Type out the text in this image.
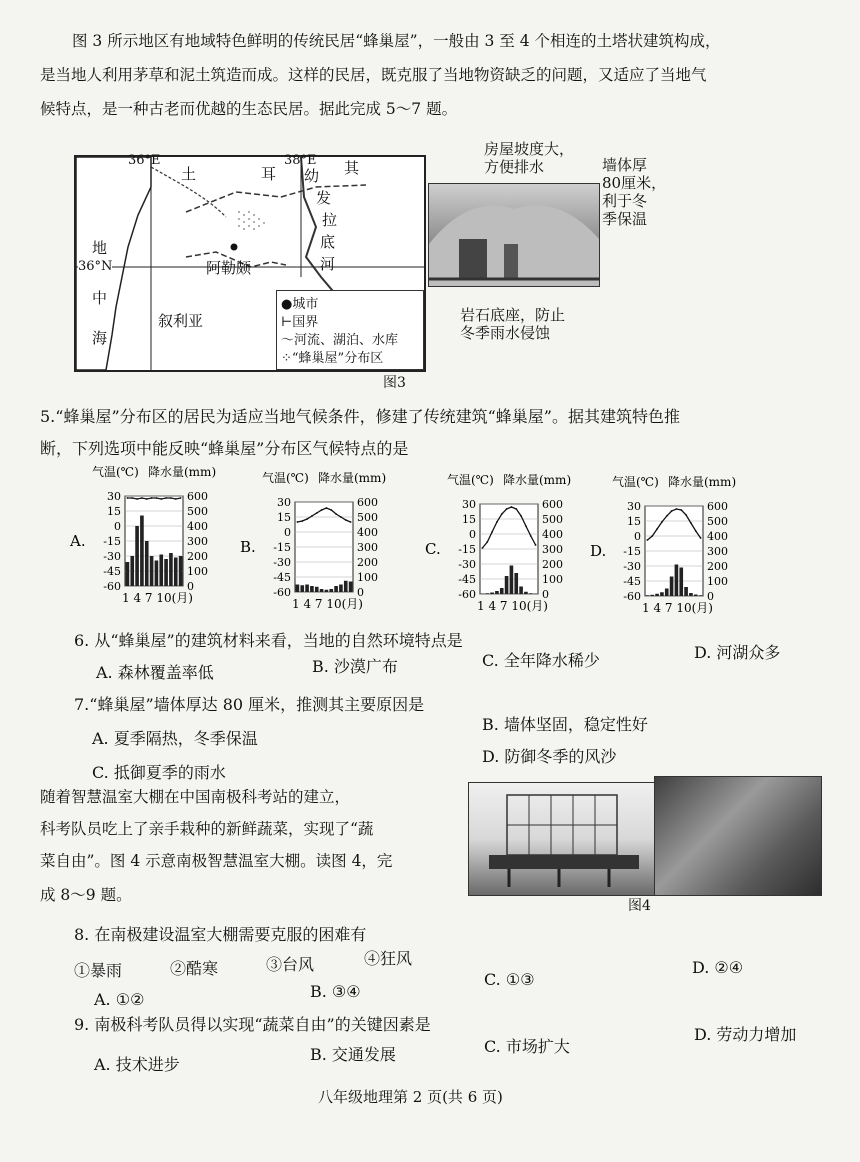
图 3 所示地区有地域特色鲜明的传统民居“蜂巢屋”，一般由 3 至 4 个相连的土塔状建筑构成，
是当地人利用茅草和泥土筑造而成。这样的民居，既克服了当地物资缺乏的问题，又适应了当地气
候特点，是一种古老而优越的生态民居。据此完成 5～7 题。
36°E	38°E
36°N
土	耳	其
地
中
海
幼
发
拉
底
河
阿勒颇
叙利亚
●城市
⊢国界
〜河流、湖泊、水库
⁘“蜂巢屋”分布区
房屋坡度大，
方便排水	墙体厚
80厘米，
利于冬
季保温
岩石底座，防止
冬季雨水侵蚀
图3
5.“蜂巢屋”分布区的居民为适应当地气候条件，修建了传统建筑“蜂巢屋”。据其建筑特色推
断，下列选项中能反映“蜂巢屋”分布区气候特点的是
A.
气温(℃) 降水量(mm)
30
15
0
-15
-30
-45
-60
600
500
400
300
200
100
0
1 4 7 10(月)
B.
气温(℃) 降水量(mm)
30
15
0
-15
-30
-45
-60
600
500
400
300
200
100
0
1 4 7 10(月)
C.
气温(℃) 降水量(mm)
30
15
0
-15
-30
-45
-60
600
500
400
300
200
100
0
1 4 7 10(月)
D.
气温(℃) 降水量(mm)
30
15
0
-15
-30
-45
-60
600
500
400
300
200
100
0
1 4 7 10(月)
6. 从“蜂巢屋”的建筑材料来看，当地的自然环境特点是
A. 森林覆盖率低	B. 沙漠广布	C. 全年降水稀少	D. 河湖众多
7.“蜂巢屋”墙体厚达 80 厘米，推测其主要原因是
A. 夏季隔热，冬季保温
B. 墙体坚固，稳定性好
C. 抵御夏季的雨水
D. 防御冬季的风沙
随着智慧温室大棚在中国南极科考站的建立，
科考队员吃上了亲手栽种的新鲜蔬菜，实现了“蔬
菜自由”。图 4 示意南极智慧温室大棚。读图 4，完
成 8～9 题。
图4
8. 在南极建设温室大棚需要克服的困难有
①暴雨	②酷寒	③台风	④狂风
A. ①②	B. ③④
C. ①③
D. ②④
9. 南极科考队员得以实现“蔬菜自由”的关键因素是
A. 技术进步
B. 交通发展	C. 市场扩大
D. 劳动力增加
八年级地理第 2 页(共 6 页)
